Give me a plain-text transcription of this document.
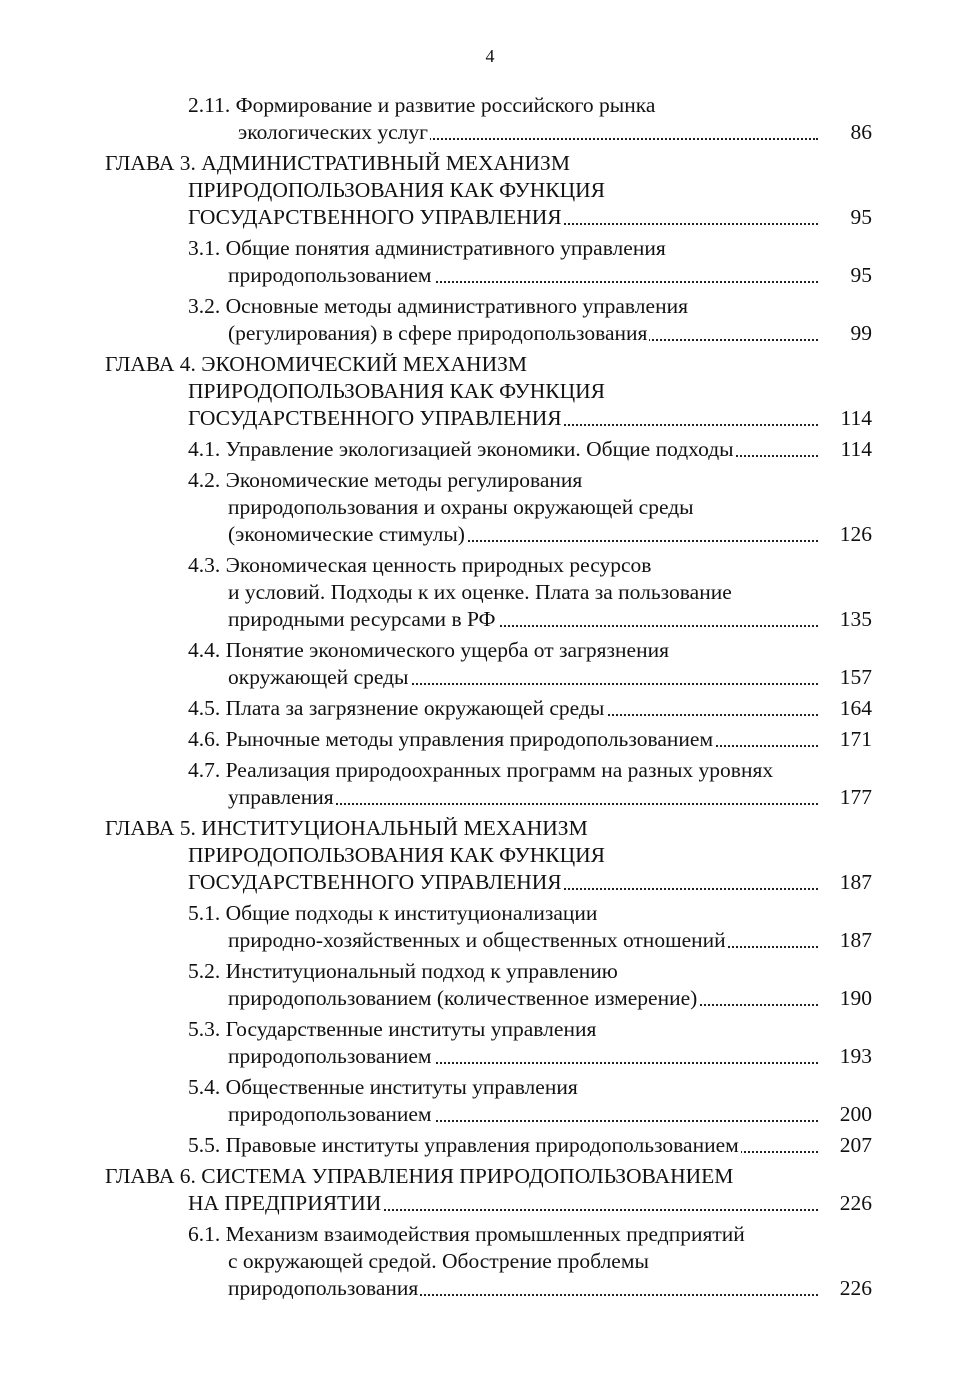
4
2.11. Формирование и развитие российского рынка
экологических услуг	86
ГЛАВА 3. АДМИНИСТРАТИВНЫЙ МЕХАНИЗМ
ПРИРОДОПОЛЬЗОВАНИЯ КАК ФУНКЦИЯ
ГОСУДАРСТВЕННОГО УПРАВЛЕНИЯ	95
3.1. Общие понятия административного управления
природопользованием	95
3.2. Основные методы административного управления
(регулирования) в сфере природопользования	99
ГЛАВА 4. ЭКОНОМИЧЕСКИЙ МЕХАНИЗМ
ПРИРОДОПОЛЬЗОВАНИЯ КАК ФУНКЦИЯ
ГОСУДАРСТВЕННОГО УПРАВЛЕНИЯ	114
4.1. Управление экологизацией экономики. Общие подходы	114
4.2. Экономические методы регулирования
природопользования и охраны окружающей среды
(экономические стимулы)	126
4.3. Экономическая ценность природных ресурсов
и условий. Подходы к их оценке. Плата за пользование
природными ресурсами в РФ	135
4.4. Понятие экономического ущерба от загрязнения
окружающей среды	157
4.5. Плата за загрязнение окружающей среды	164
4.6. Рыночные методы управления природопользованием	171
4.7. Реализация природоохранных программ на разных уровнях
управления	177
ГЛАВА 5. ИНСТИТУЦИОНАЛЬНЫЙ МЕХАНИЗМ
ПРИРОДОПОЛЬЗОВАНИЯ КАК ФУНКЦИЯ
ГОСУДАРСТВЕННОГО УПРАВЛЕНИЯ	187
5.1. Общие подходы к институционализации
природно-хозяйственных и общественных отношений	187
5.2. Институциональный подход к управлению
природопользованием (количественное измерение)	190
5.3. Государственные институты управления
природопользованием	193
5.4. Общественные институты управления
природопользованием	200
5.5. Правовые институты управления природопользованием	207
ГЛАВА 6. СИСТЕМА УПРАВЛЕНИЯ ПРИРОДОПОЛЬЗОВАНИЕМ
НА ПРЕДПРИЯТИИ	226
6.1. Механизм взаимодействия промышленных предприятий
с окружающей средой. Обострение проблемы
природопользования	226
